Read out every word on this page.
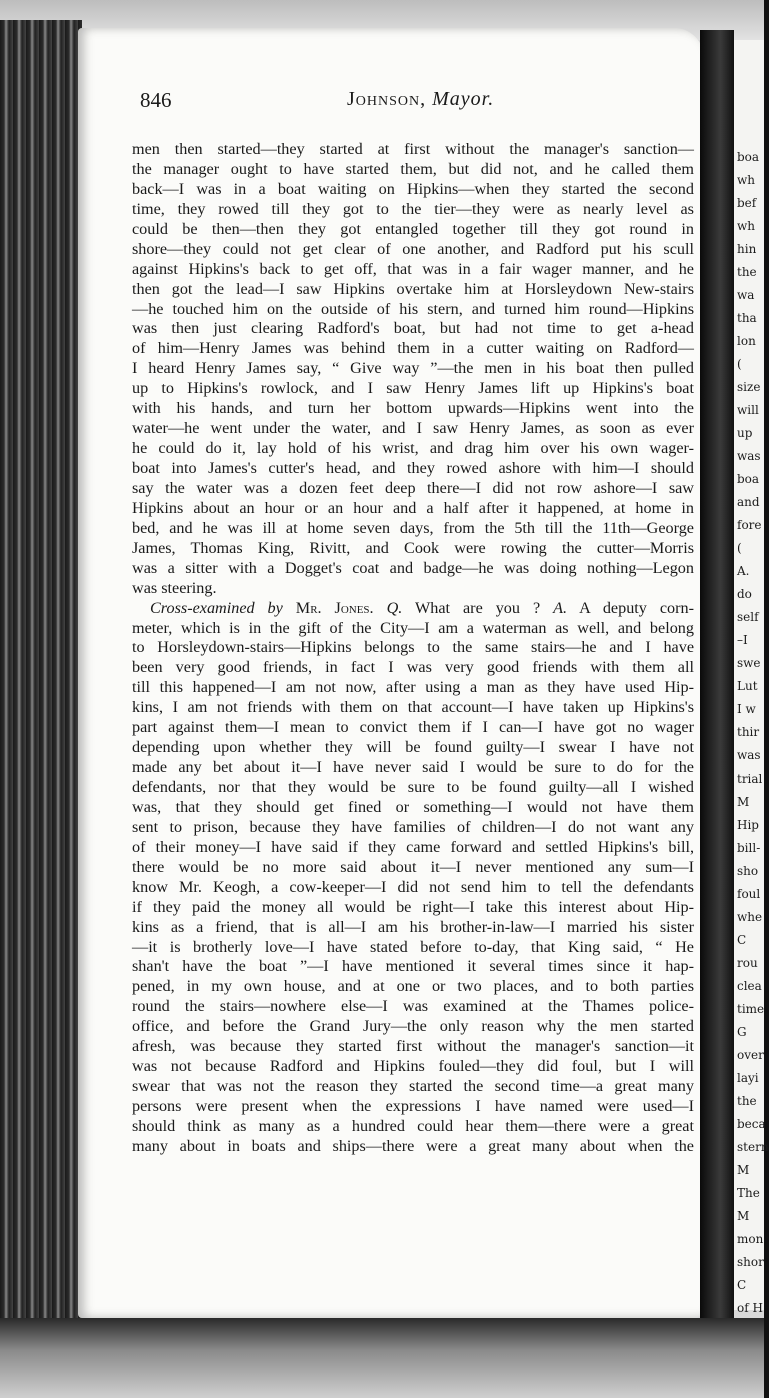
boa
wh
bef
wh
hin
the
wa
tha
lon
(
size
will
up
was
boa
and
fore
(
A.
do
self
–I
swe
Lut
I w
thir
was
trial
M
Hip
bill-
sho
foul
whe
C
rou
clea
time
G
over
layi
the
beca
stern
M
The
M
mon
shor
C
of H
846	Johnson, Mayor.
men then started—they started at first without the manager's sanction—
the manager ought to have started them, but did not, and he called them
back—I was in a boat waiting on Hipkins—when they started the second
time, they rowed till they got to the tier—they were as nearly level as
could be then—then they got entangled together till they got round in
shore—they could not get clear of one another, and Radford put his scull
against Hipkins's back to get off, that was in a fair wager manner, and he
then got the lead—I saw Hipkins overtake him at Horsleydown New-stairs
—he touched him on the outside of his stern, and turned him round—Hipkins
was then just clearing Radford's boat, but had not time to get a-head
of him—Henry James was behind them in a cutter waiting on Radford—
I heard Henry James say, “ Give way ”—the men in his boat then pulled
up to Hipkins's rowlock, and I saw Henry James lift up Hipkins's boat
with his hands, and turn her bottom upwards—Hipkins went into the
water—he went under the water, and I saw Henry James, as soon as ever
he could do it, lay hold of his wrist, and drag him over his own wager-
boat into James's cutter's head, and they rowed ashore with him—I should
say the water was a dozen feet deep there—I did not row ashore—I saw
Hipkins about an hour or an hour and a half after it happened, at home in
bed, and he was ill at home seven days, from the 5th till the 11th—George
James, Thomas King, Rivitt, and Cook were rowing the cutter—Morris
was a sitter with a Dogget's coat and badge—he was doing nothing—Legon
was steering.
Cross-examined by Mr. Jones. Q. What are you ? A. A deputy corn-
meter, which is in the gift of the City—I am a waterman as well, and belong
to Horsleydown-stairs—Hipkins belongs to the same stairs—he and I have
been very good friends, in fact I was very good friends with them all
till this happened—I am not now, after using a man as they have used Hip-
kins, I am not friends with them on that account—I have taken up Hipkins's
part against them—I mean to convict them if I can—I have got no wager
depending upon whether they will be found guilty—I swear I have not
made any bet about it—I have never said I would be sure to do for the
defendants, nor that they would be sure to be found guilty—all I wished
was, that they should get fined or something—I would not have them
sent to prison, because they have families of children—I do not want any
of their money—I have said if they came forward and settled Hipkins's bill,
there would be no more said about it—I never mentioned any sum—I
know Mr. Keogh, a cow-keeper—I did not send him to tell the defendants
if they paid the money all would be right—I take this interest about Hip-
kins as a friend, that is all—I am his brother-in-law—I married his sister
—it is brotherly love—I have stated before to-day, that King said, “ He
shan't have the boat ”—I have mentioned it several times since it hap-
pened, in my own house, and at one or two places, and to both parties
round the stairs—nowhere else—I was examined at the Thames police-
office, and before the Grand Jury—the only reason why the men started
afresh, was because they started first without the manager's sanction—it
was not because Radford and Hipkins fouled—they did foul, but I will
swear that was not the reason they started the second time—a great many
persons were present when the expressions I have named were used—I
should think as many as a hundred could hear them—there were a great
many about in boats and ships—there were a great many about when the
